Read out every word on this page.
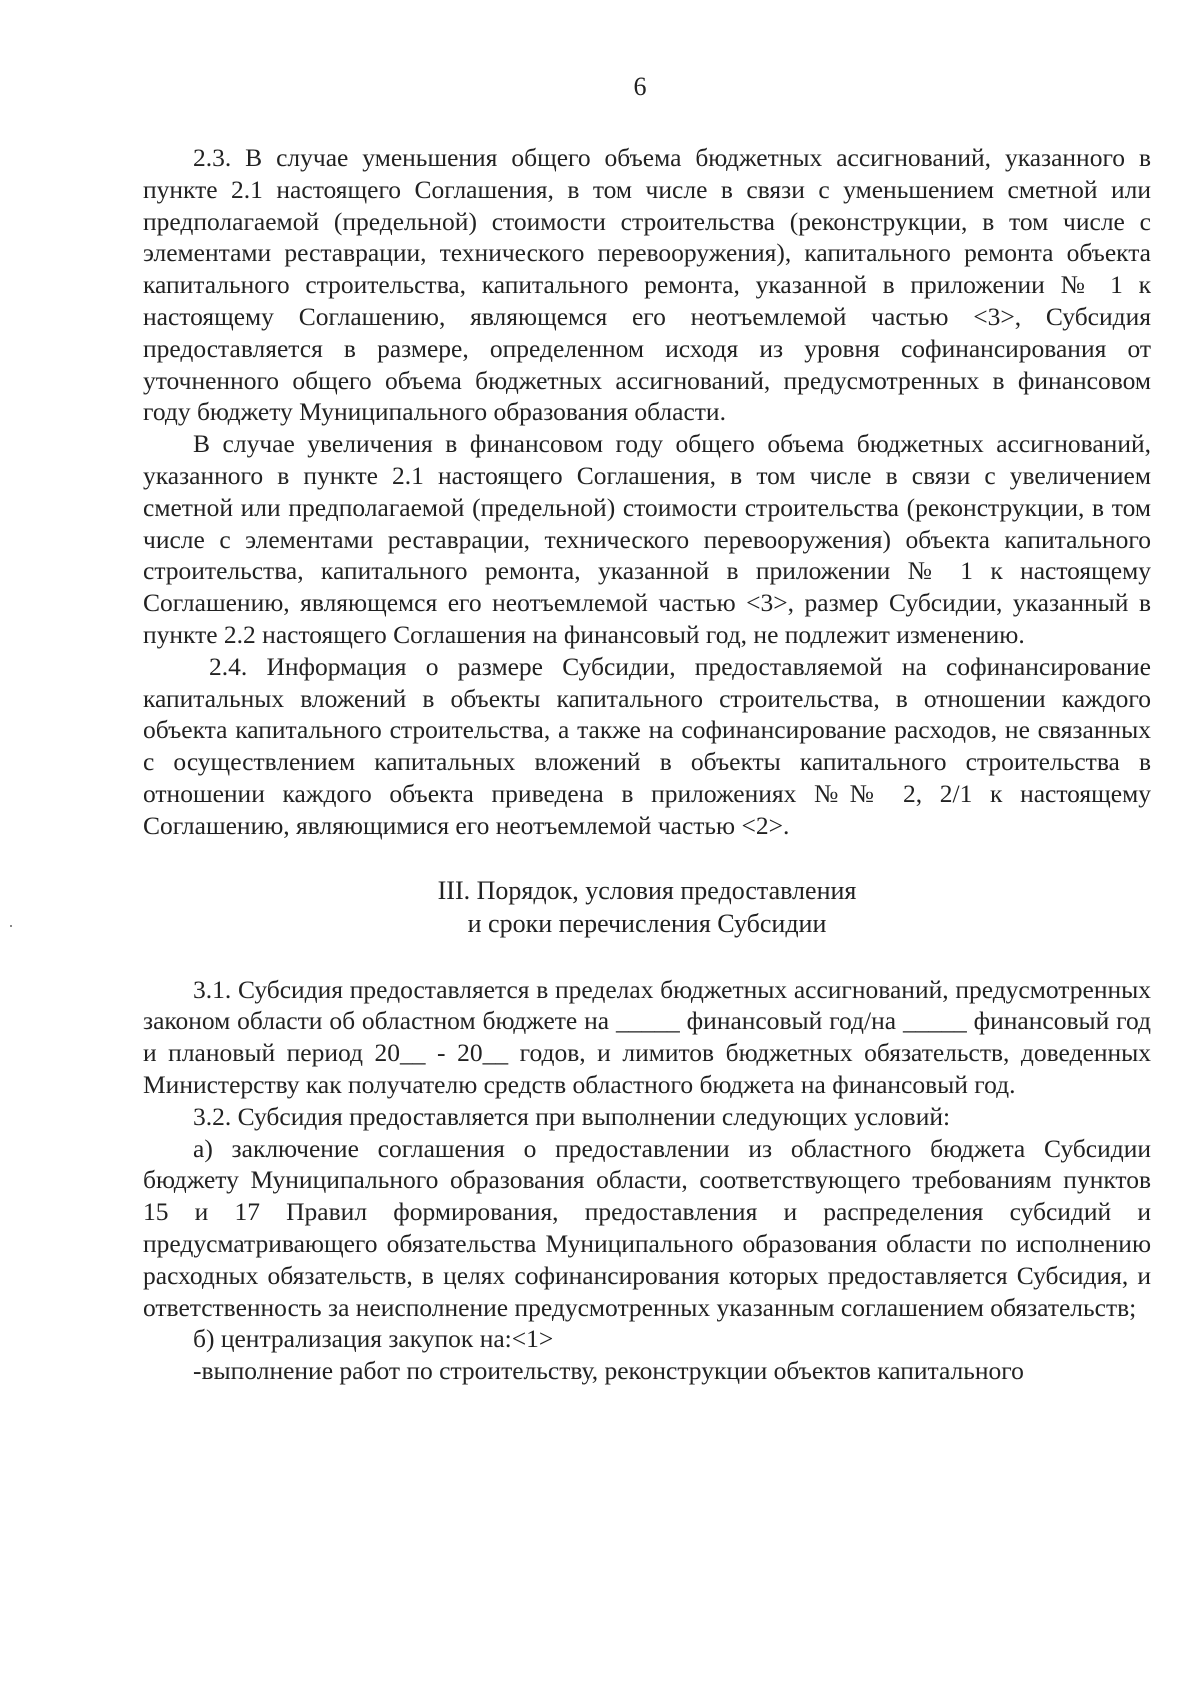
6

2.3. В случае уменьшения общего объема бюджетных ассигнований, указанного в пункте 2.1 настоящего Соглашения, в том числе в связи с уменьшением сметной или предполагаемой (предельной) стоимости строительства (реконструкции, в том числе с элементами реставрации, технического перевооружения), капитального ремонта объекта капитального строительства, капитального ремонта, указанной в приложении № 1 к настоящему Соглашению, являющемся его неотъемлемой частью <3>, Субсидия предоставляется в размере, определенном исходя из уровня софинансирования от уточненного общего объема бюджетных ассигнований, предусмотренных в финансовом году бюджету Муниципального образования области.

В случае увеличения в финансовом году общего объема бюджетных ассигнований, указанного в пункте 2.1 настоящего Соглашения, в том числе в связи с увеличением сметной или предполагаемой (предельной) стоимости строительства (реконструкции, в том числе с элементами реставрации, технического перевооружения) объекта капитального строительства, капитального ремонта, указанной в приложении № 1 к настоящему Соглашению, являющемся его неотъемлемой частью <3>, размер Субсидии, указанный в пункте 2.2 настоящего Соглашения на финансовый год, не подлежит изменению.

2.4. Информация о размере Субсидии, предоставляемой на софинансирование капитальных вложений в объекты капитального строительства, в отношении каждого объекта капитального строительства, а также на софинансирование расходов, не связанных с осуществлением капитальных вложений в объекты капитального строительства в отношении каждого объекта приведена в приложениях №№ 2, 2/1 к настоящему Соглашению, являющимися его неотъемлемой частью <2>.

III. Порядок, условия предоставления
и сроки перечисления Субсидии

3.1. Субсидия предоставляется в пределах бюджетных ассигнований, предусмотренных законом области об областном бюджете на _____ финансовый год/на _____ финансовый год и плановый период 20__ - 20__ годов, и лимитов бюджетных обязательств, доведенных Министерству как получателю средств областного бюджета на финансовый год.

3.2. Субсидия предоставляется при выполнении следующих условий:

а) заключение соглашения о предоставлении из областного бюджета Субсидии бюджету Муниципального образования области, соответствующего требованиям пунктов 15 и 17 Правил формирования, предоставления и распределения субсидий и предусматривающего обязательства Муниципального образования области по исполнению расходных обязательств, в целях софинансирования которых предоставляется Субсидия, и ответственность за неисполнение предусмотренных указанным соглашением обязательств;

б) централизация закупок на:<1>

-выполнение работ по строительству, реконструкции объектов капитального
